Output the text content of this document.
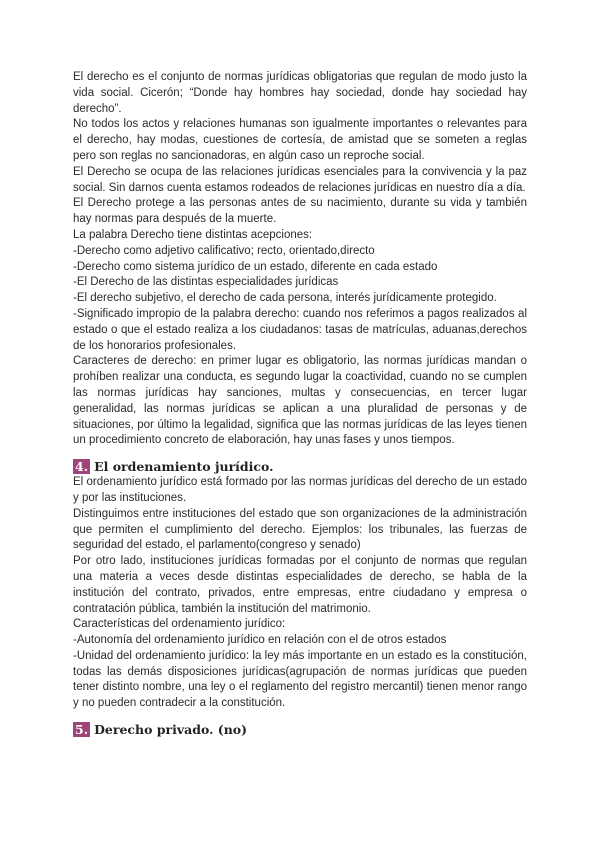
El derecho es el conjunto de normas jurídicas obligatorias que regulan de modo justo la vida social. Cicerón; “Donde hay hombres hay sociedad, donde hay sociedad hay derecho”.

No todos los actos y relaciones humanas son igualmente importantes o relevantes para el derecho, hay modas, cuestiones de cortesía, de amistad que se someten a reglas pero son reglas no sancionadoras, en algún caso un reproche social.

El Derecho se ocupa de las relaciones jurídicas esenciales para la convivencia y la paz social. Sin darnos cuenta estamos rodeados de relaciones jurídicas en nuestro día a día.

El Derecho protege a las personas antes de su nacimiento, durante su vida y también hay normas para después de la muerte.

La palabra Derecho tiene distintas acepciones:

-Derecho como adjetivo calificativo; recto, orientado,directo

-Derecho como sistema jurídico de un estado, diferente en cada estado

-El Derecho de las distintas especialidades jurídicas

-El derecho subjetivo, el derecho de cada persona, interés jurídicamente protegido.

-Significado impropio de la palabra derecho: cuando nos referimos a pagos realizados al estado o que el estado realiza a los ciudadanos: tasas de matrículas, aduanas,derechos de los honorarios profesionales.

Caracteres de derecho: en primer lugar es obligatorio, las normas jurídicas mandan o prohíben realizar una conducta, es segundo lugar la coactividad, cuando no se cumplen las normas jurídicas hay sanciones, multas y consecuencias, en tercer lugar generalidad, las normas jurídicas se aplican a una pluralidad de personas y de situaciones, por último la legalidad, significa que las normas jurídicas de las leyes tienen un procedimiento concreto de elaboración, hay unas fases y unos tiempos.

4. El ordenamiento jurídico.

El ordenamiento jurídico está formado por las normas jurídicas del derecho de un estado y por las instituciones.

Distinguimos entre instituciones del estado que son organizaciones de la administración que permiten el cumplimiento del derecho. Ejemplos: los tribunales, las fuerzas de seguridad del estado, el parlamento(congreso y senado)

Por otro lado, instituciones jurídicas formadas por el conjunto de normas que regulan una materia a veces desde distintas especialidades de derecho, se habla de la institución del contrato, privados, entre empresas, entre ciudadano y empresa o contratación pública, también la institución del matrimonio.

Características del ordenamiento jurídico:

-Autonomía del ordenamiento jurídico en relación con el de otros estados

-Unidad del ordenamiento jurídico: la ley más importante en un estado es la constitución, todas las demás disposiciones jurídicas(agrupación de normas jurídicas que pueden tener distinto nombre, una ley o el reglamento del registro mercantil) tienen menor rango y no pueden contradecir a la constitución.

5. Derecho privado. (no)
